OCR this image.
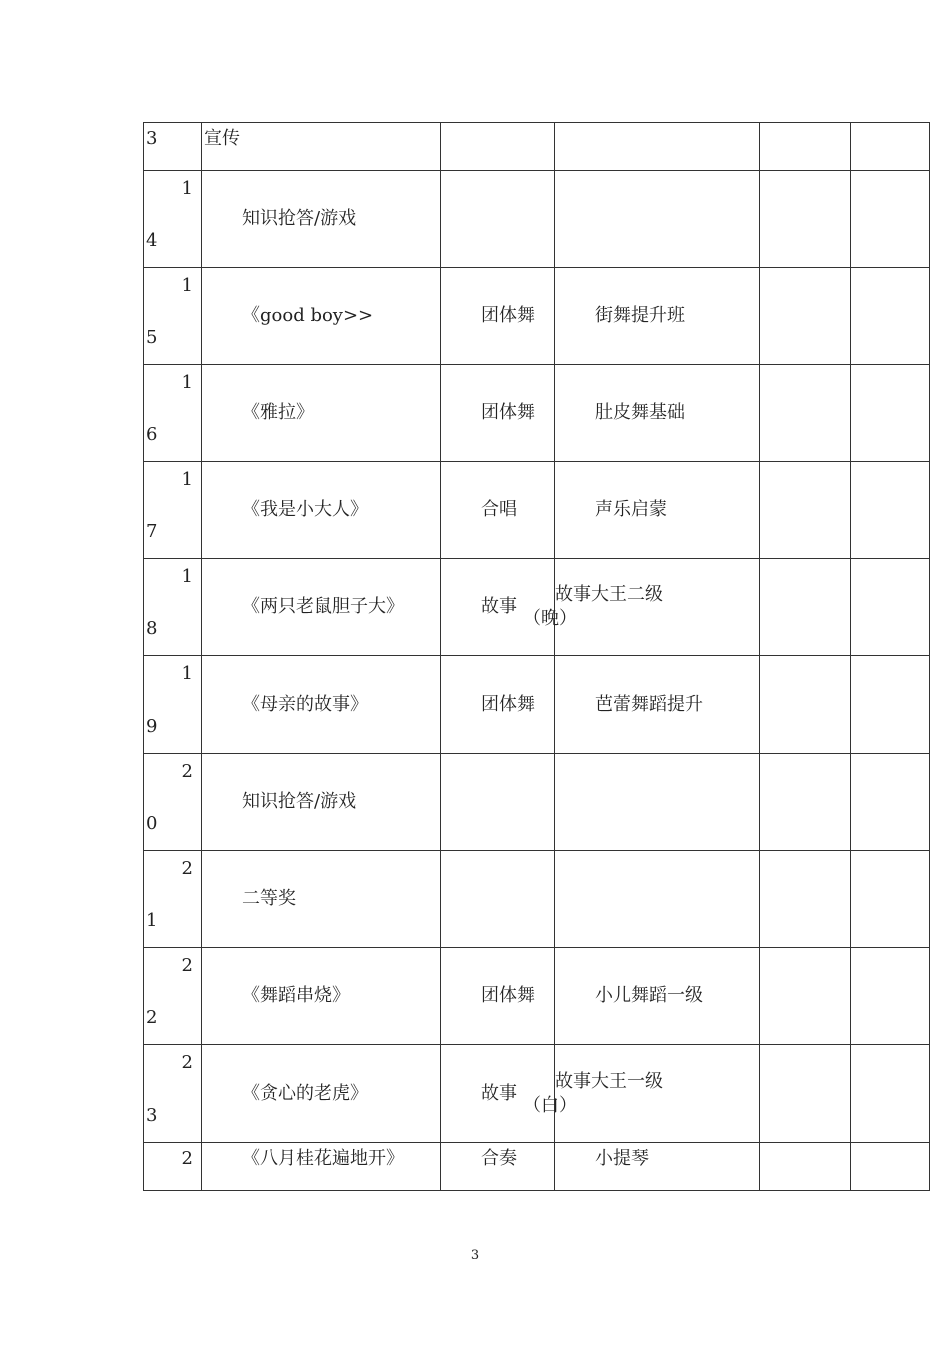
3	宣传				

1
4	知识抢答/游戏				

1
5	《good boy>>	团体舞	街舞提升班		

1
6	《雅拉》	团体舞	肚皮舞基础		

1
7	《我是小大人》	合唱	声乐启蒙		

1
8	《两只老鼠胆子大》	故事	故事大王二级
（晚）		

1
9	《母亲的故事》	团体舞	芭蕾舞蹈提升		

2
0	知识抢答/游戏				

2
1	二等奖				

2
2	《舞蹈串烧》	团体舞	小儿舞蹈一级		

2
3	《贪心的老虎》	故事	故事大王一级
（白）		

2	《八月桂花遍地开》	合奏	小提琴		
3
